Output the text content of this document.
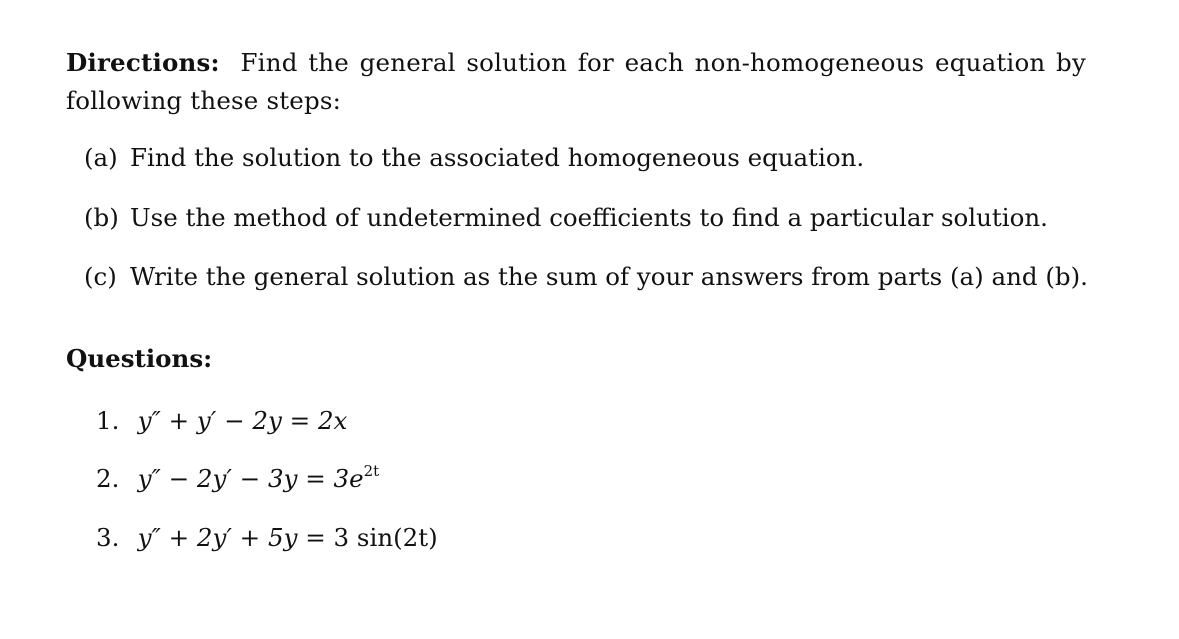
Directions: Find the general solution for each non-homogeneous equation by following these steps:
(a) Find the solution to the associated homogeneous equation.
(b) Use the method of undetermined coefficients to find a particular solution.
(c) Write the general solution as the sum of your answers from parts (a) and (b).
Questions:
1. y″ + y′ − 2y = 2x
2. $y'' - 2y' - 3y = 3e^{2t}$
3. y″ + 2y′ + 5y = 3 sin(2t)
